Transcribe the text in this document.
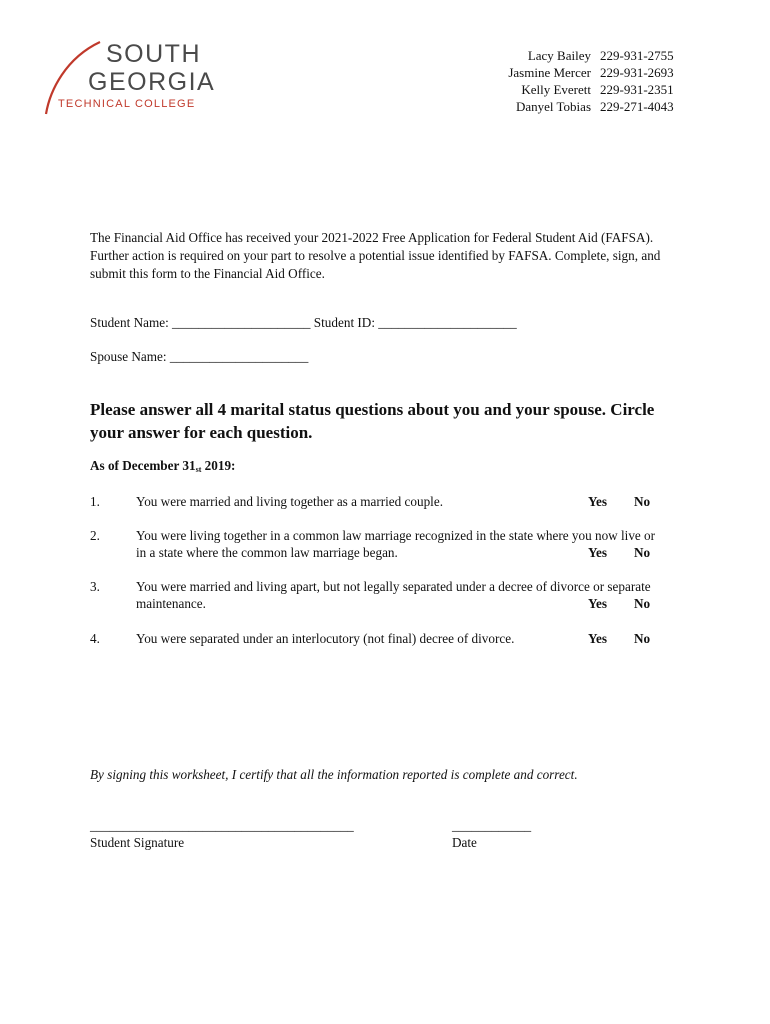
SOUTH
GEORGIA
TECHNICAL COLLEGE
Lacy Bailey 229-931-2755
Jasmine Mercer 229-931-2693
Kelly Everett 229-931-2351
Danyel Tobias 229-271-4043
The Financial Aid Office has received your 2021-2022 Free Application for Federal Student Aid (FAFSA). Further action is required on your part to resolve a potential issue identified by FAFSA. Complete, sign, and submit this form to the Financial Aid Office.
Student Name: _____________________ Student ID: _____________________
Spouse Name: _____________________
Please answer all 4 marital status questions about you and your spouse. Circle your answer for each question.
As of December 31st 2019:
1.	You were married and living together as a married couple.	Yes No
2.	You were living together in a common law marriage recognized in the state where you now live or in a state where the common law marriage began.	Yes No
3.	You were married and living apart, but not legally separated under a decree of divorce or separate maintenance.	Yes No
4.	You were separated under an interlocutory (not final) decree of divorce.	Yes No
By signing this worksheet, I certify that all the information reported is complete and correct.
________________________________________
Student Signature
____________
Date
